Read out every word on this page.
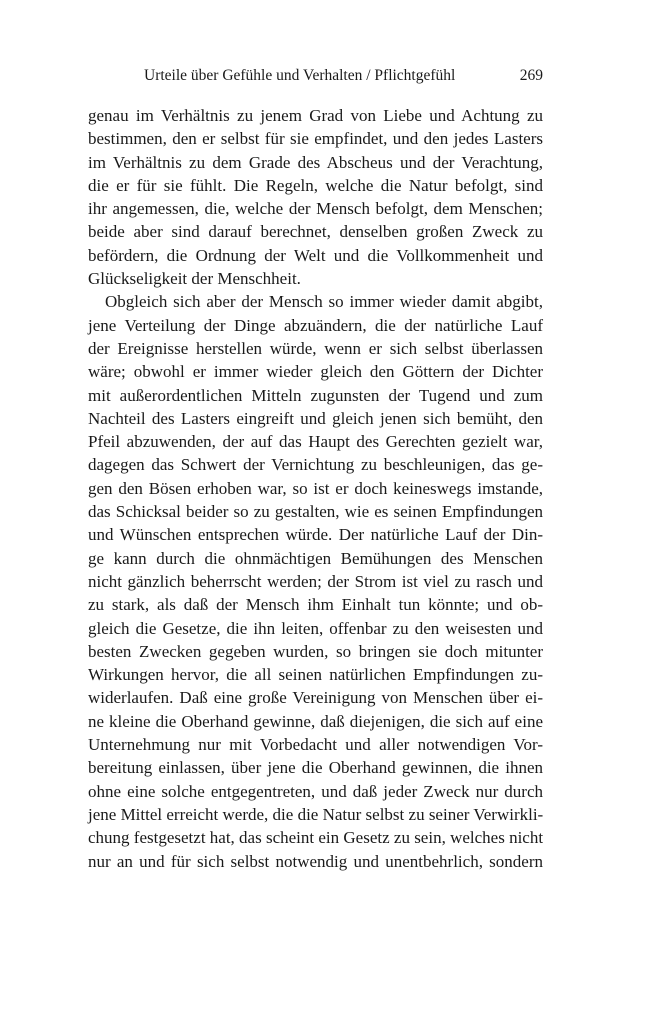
Urteile über Gefühle und Verhalten / Pflichtgefühl	269
genau im Verhältnis zu jenem Grad von Liebe und Achtung zu
bestimmen, den er selbst für sie empfindet, und den jedes Lasters
im Verhältnis zu dem Grade des Abscheus und der Verachtung,
die er für sie fühlt. Die Regeln, welche die Natur befolgt, sind
ihr angemessen, die, welche der Mensch befolgt, dem Menschen;
beide aber sind darauf berechnet, denselben großen Zweck zu
befördern, die Ordnung der Welt und die Vollkommenheit und
Glückseligkeit der Menschheit.
Obgleich sich aber der Mensch so immer wieder damit abgibt,
jene Verteilung der Dinge abzuändern, die der natürliche Lauf
der Ereignisse herstellen würde, wenn er sich selbst überlassen
wäre; obwohl er immer wieder gleich den Göttern der Dichter
mit außerordentlichen Mitteln zugunsten der Tugend und zum
Nachteil des Lasters eingreift und gleich jenen sich bemüht, den
Pfeil abzuwenden, der auf das Haupt des Gerechten gezielt war,
dagegen das Schwert der Vernichtung zu beschleunigen, das ge-
gen den Bösen erhoben war, so ist er doch keineswegs imstande,
das Schicksal beider so zu gestalten, wie es seinen Empfindungen
und Wünschen entsprechen würde. Der natürliche Lauf der Din-
ge kann durch die ohnmächtigen Bemühungen des Menschen
nicht gänzlich beherrscht werden; der Strom ist viel zu rasch und
zu stark, als daß der Mensch ihm Einhalt tun könnte; und ob-
gleich die Gesetze, die ihn leiten, offenbar zu den weisesten und
besten Zwecken gegeben wurden, so bringen sie doch mitunter
Wirkungen hervor, die all seinen natürlichen Empfindungen zu-
widerlaufen. Daß eine große Vereinigung von Menschen über ei-
ne kleine die Oberhand gewinne, daß diejenigen, die sich auf eine
Unternehmung nur mit Vorbedacht und aller notwendigen Vor-
bereitung einlassen, über jene die Oberhand gewinnen, die ihnen
ohne eine solche entgegentreten, und daß jeder Zweck nur durch
jene Mittel erreicht werde, die die Natur selbst zu seiner Verwirkli-
chung festgesetzt hat, das scheint ein Gesetz zu sein, welches nicht
nur an und für sich selbst notwendig und unentbehrlich, sondern
